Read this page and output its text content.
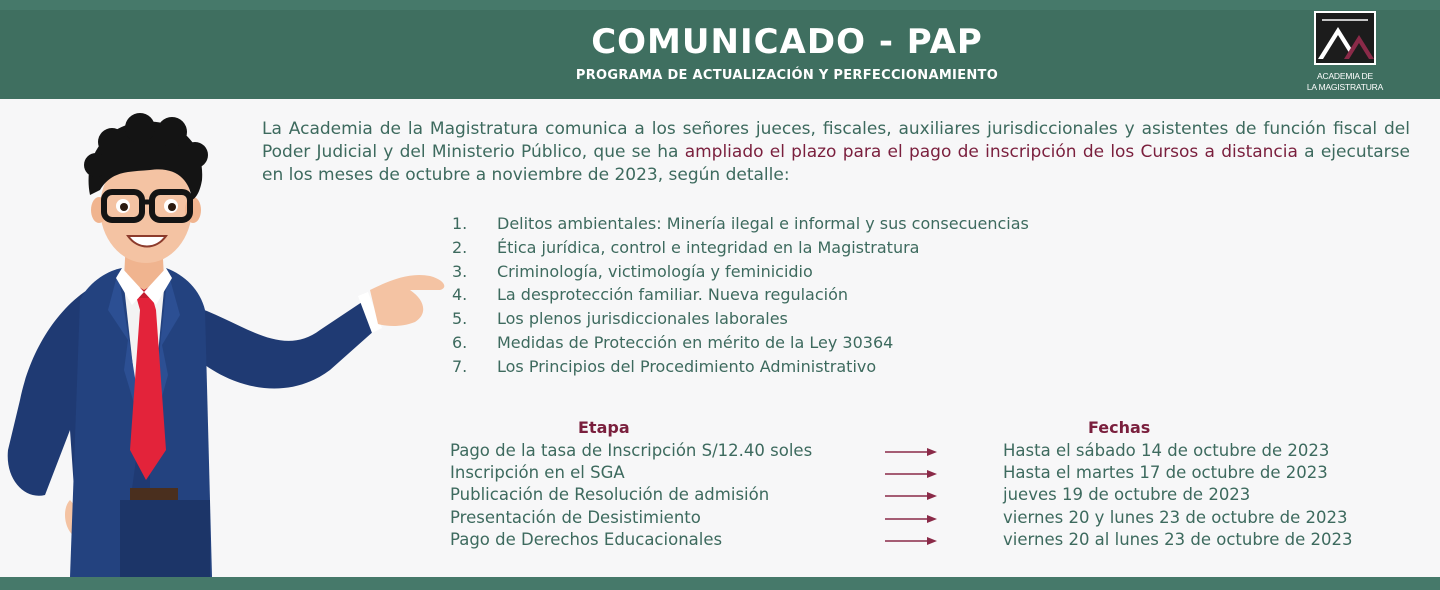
COMUNICADO - PAP
PROGRAMA DE ACTUALIZACIÓN Y PERFECCIONAMIENTO	ACADEMIA DE
LA MAGISTRATURA
La Academia de la Magistratura comunica a los señores jueces, fiscales, auxiliares jurisdiccionales y asistentes de función fiscal del Poder Judicial y del Ministerio Público, que se ha ampliado el plazo para el pago de inscripción de los Cursos a distancia a ejecutarse en los meses de octubre a noviembre de 2023, según detalle:
1.	Delitos ambientales: Minería ilegal e informal y sus consecuencias
2.	Ética jurídica, control e integridad en la Magistratura
3.	Criminología, victimología y feminicidio
4.	La desprotección familiar. Nueva regulación
5.	Los plenos jurisdiccionales laborales
6.	Medidas de Protección en mérito de la Ley 30364
7.	Los Principios del Procedimiento Administrativo
Etapa	Fechas
Pago de la tasa de Inscripción S/12.40 soles	Hasta el sábado 14 de octubre de 2023
Inscripción en el SGA	Hasta el martes 17 de octubre de 2023
Publicación de Resolución de admisión	jueves 19 de octubre de 2023
Presentación de Desistimiento	viernes 20 y lunes 23 de octubre de 2023
Pago de Derechos Educacionales	viernes 20 al lunes 23 de octubre de 2023
